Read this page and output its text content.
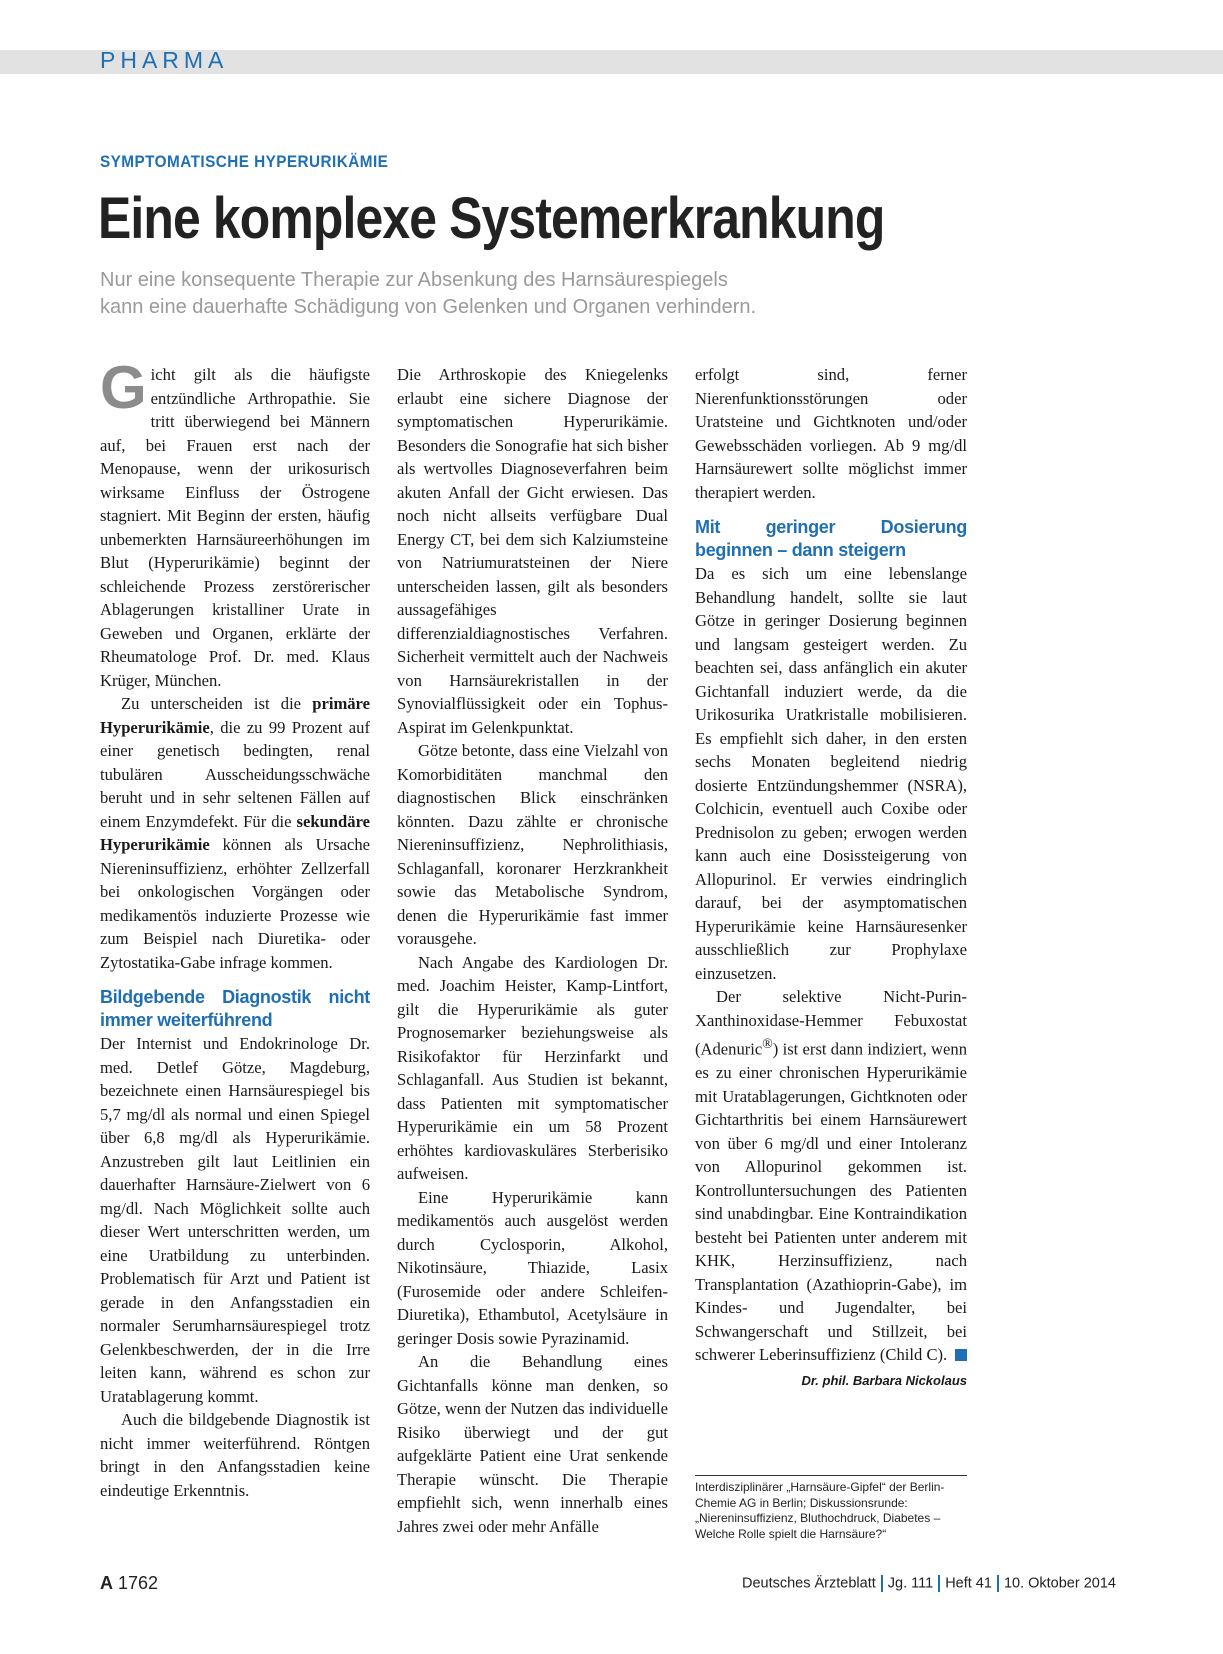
PHARMA
SYMPTOMATISCHE HYPERURIKÄMIE
Eine komplexe Systemerkrankung
Nur eine konsequente Therapie zur Absenkung des Harnsäurespiegels
kann eine dauerhafte Schädigung von Gelenken und Organen verhindern.

Gicht gilt als die häufigste entzündliche Arthropathie. Sie tritt überwiegend bei Männern auf, bei Frauen erst nach der Menopause, wenn der urikosurisch wirksame Einfluss der Östrogene stagniert. Mit Beginn der ersten, häufig unbemerkten Harnsäureerhöhungen im Blut (Hyperurikämie) beginnt der schleichende Prozess zerstörerischer Ablagerungen kristalliner Urate in Geweben und Organen, erklärte der Rheumatologe Prof. Dr. med. Klaus Krüger, München.

Zu unterscheiden ist die primäre Hyperurikämie, die zu 99 Prozent auf einer genetisch bedingten, renal tubulären Ausscheidungsschwäche beruht und in sehr seltenen Fällen auf einem Enzymdefekt. Für die sekundäre Hyperurikämie können als Ursache Niereninsuffizienz, erhöhter Zellzerfall bei onkologischen Vorgängen oder medikamentös induzierte Prozesse wie zum Beispiel nach Diuretika- oder Zytostatika-Gabe infrage kommen.

Bildgebende Diagnostik nicht immer weiterführend

Der Internist und Endokrinologe Dr. med. Detlef Götze, Magdeburg, bezeichnete einen Harnsäurespiegel bis 5,7 mg/dl als normal und einen Spiegel über 6,8 mg/dl als Hyperurikämie. Anzustreben gilt laut Leitlinien ein dauerhafter Harnsäure-Zielwert von 6 mg/dl. Nach Möglichkeit sollte auch dieser Wert unterschritten werden, um eine Uratbildung zu unterbinden. Problematisch für Arzt und Patient ist gerade in den Anfangsstadien ein normaler Serumharnsäurespiegel trotz Gelenkbeschwerden, der in die Irre leiten kann, während es schon zur Uratablagerung kommt.

Auch die bildgebende Diagnostik ist nicht immer weiterführend. Röntgen bringt in den Anfangsstadien keine eindeutige Erkenntnis.

Die Arthroskopie des Kniegelenks erlaubt eine sichere Diagnose der symptomatischen Hyperurikämie. Besonders die Sonografie hat sich bisher als wertvolles Diagnoseverfahren beim akuten Anfall der Gicht erwiesen. Das noch nicht allseits verfügbare Dual Energy CT, bei dem sich Kalziumsteine von Natriumuratsteinen der Niere unterscheiden lassen, gilt als besonders aussagefähiges differenzialdiagnostisches Verfahren. Sicherheit vermittelt auch der Nachweis von Harnsäurekristallen in der Synovialflüssigkeit oder ein Tophus-Aspirat im Gelenkpunktat.

Götze betonte, dass eine Vielzahl von Komorbiditäten manchmal den diagnostischen Blick einschränken könnten. Dazu zählte er chronische Niereninsuffizienz, Nephrolithiasis, Schlaganfall, koronarer Herzkrankheit sowie das Metabolische Syndrom, denen die Hyperurikämie fast immer vorausgehe.

Nach Angabe des Kardiologen Dr. med. Joachim Heister, Kamp-Lintfort, gilt die Hyperurikämie als guter Prognosemarker beziehungsweise als Risikofaktor für Herzinfarkt und Schlaganfall. Aus Studien ist bekannt, dass Patienten mit symptomatischer Hyperurikämie ein um 58 Prozent erhöhtes kardiovaskuläres Sterberisiko aufweisen.

Eine Hyperurikämie kann medikamentös auch ausgelöst werden durch Cyclosporin, Alkohol, Nikotinsäure, Thiazide, Lasix (Furosemide oder andere Schleifen-Diuretika), Ethambutol, Acetylsäure in geringer Dosis sowie Pyrazinamid.

An die Behandlung eines Gichtanfalls könne man denken, so Götze, wenn der Nutzen das individuelle Risiko überwiegt und der gut aufgeklärte Patient eine Urat senkende Therapie wünscht. Die Therapie empfiehlt sich, wenn innerhalb eines Jahres zwei oder mehr Anfälle

erfolgt sind, ferner Nierenfunktionsstörungen oder Uratsteine und Gichtknoten und/oder Gewebsschäden vorliegen. Ab 9 mg/dl Harnsäurewert sollte möglichst immer therapiert werden.

Mit geringer Dosierung beginnen – dann steigern

Da es sich um eine lebenslange Behandlung handelt, sollte sie laut Götze in geringer Dosierung beginnen und langsam gesteigert werden. Zu beachten sei, dass anfänglich ein akuter Gichtanfall induziert werde, da die Urikosurika Uratkristalle mobilisieren. Es empfiehlt sich daher, in den ersten sechs Monaten begleitend niedrig dosierte Entzündungshemmer (NSRA), Colchicin, eventuell auch Coxibe oder Prednisolon zu geben; erwogen werden kann auch eine Dosissteigerung von Allopurinol. Er verwies eindringlich darauf, bei der asymptomatischen Hyperurikämie keine Harnsäuresenker ausschließlich zur Prophylaxe einzusetzen.

Der selektive Nicht-Purin-Xanthinoxidase-Hemmer Febuxostat (Adenuric®) ist erst dann indiziert, wenn es zu einer chronischen Hyperurikämie mit Uratablagerungen, Gichtknoten oder Gichtarthritis bei einem Harnsäurewert von über 6 mg/dl und einer Intoleranz von Allopurinol gekommen ist. Kontrolluntersuchungen des Patienten sind unabdingbar. Eine Kontraindikation besteht bei Patienten unter anderem mit KHK, Herzinsuffizienz, nach Transplantation (Azathioprin-Gabe), im Kindes- und Jugendalter, bei Schwangerschaft und Stillzeit, bei schwerer Leberinsuffizienz (Child C).

Dr. phil. Barbara Nickolaus
Interdisziplinärer „Harnsäure-Gipfel“ der Berlin-Chemie AG in Berlin; Diskussionsrunde: „Niereninsuffizienz, Bluthochdruck, Diabetes – Welche Rolle spielt die Harnsäure?“
A 1762	Deutsches Ärzteblatt Jg. 111 Heft 41 10. Oktober 2014
